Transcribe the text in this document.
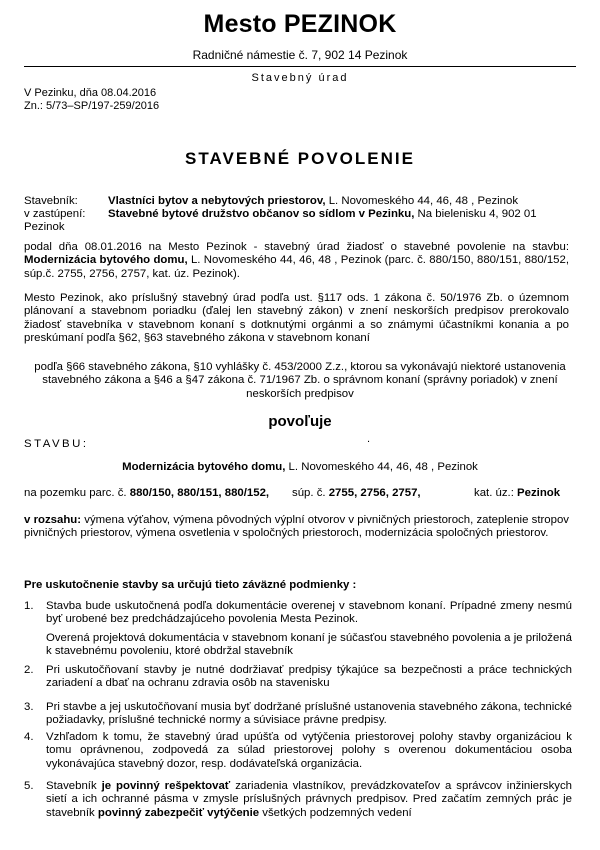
Mesto PEZINOK
Radničné námestie č. 7, 902 14 Pezinok
Stavebný úrad
V Pezinku, dňa 08.04.2016
Zn.: 5/73–SP/197-259/2016
STAVEBNÉ POVOLENIE
Stavebník:	Vlastníci bytov a nebytových priestorov, L. Novomeského 44, 46, 48 , Pezinok
v zastúpení:	Stavebné bytové družstvo občanov so sídlom v Pezinku, Na bielenisku 4, 902 01
Pezinok
podal dňa 08.01.2016 na Mesto Pezinok - stavebný úrad žiadosť o stavebné povolenie na stavbu: Modernizácia bytového domu, L. Novomeského 44, 46, 48 , Pezinok (parc. č. 880/150, 880/151, 880/152, súp.č. 2755, 2756, 2757, kat. úz. Pezinok).
Mesto Pezinok, ako príslušný stavebný úrad podľa ust. §117 ods. 1 zákona č. 50/1976 Zb. o územnom plánovaní a stavebnom poriadku (ďalej len stavebný zákon) v znení neskorších predpisov prerokovalo žiadosť stavebníka v stavebnom konaní s dotknutými orgánmi a so známymi účastníkmi konania a po preskúmaní podľa §62, §63 stavebného zákona v stavebnom konaní
podľa §66 stavebného zákona, §10 vyhlášky č. 453/2000 Z.z., ktorou sa vykonávajú niektoré ustanovenia stavebného zákona a §46 a §47 zákona č. 71/1967 Zb. o správnom konaní (správny poriadok) v znení neskorších predpisov
povoľuje
STAVBU:	.
Modernizácia bytového domu, L. Novomeského 44, 46, 48 , Pezinok
na pozemku parc. č. 880/150, 880/151, 880/152, súp. č. 2755, 2756, 2757,	kat. úz.: Pezinok
v rozsahu: výmena výťahov, výmena pôvodných výplní otvorov v pivničných priestoroch, zateplenie stropov pivničných priestorov, výmena osvetlenia v spoločných priestoroch, modernizácia spoločných priestorov.
Pre uskutočnenie stavby sa určujú tieto záväzné podmienky :
1.	Stavba bude uskutočnená podľa dokumentácie overenej v stavebnom konaní. Prípadné zmeny nesmú byť urobené bez predchádzajúceho povolenia Mesta Pezinok.
Overená projektová dokumentácia v stavebnom konaní je súčasťou stavebného povolenia a je priložená k stavebnému povoleniu, ktoré obdržal stavebník
2.	Pri uskutočňovaní stavby je nutné dodržiavať predpisy týkajúce sa bezpečnosti a práce technických zariadení a dbať na ochranu zdravia osôb na stavenisku
3.	Pri stavbe a jej uskutočňovaní musia byť dodržané príslušné ustanovenia stavebného zákona, technické požiadavky, príslušné technické normy a súvisiace právne predpisy.
4.	Vzhľadom k tomu, že stavebný úrad upúšťa od vytýčenia priestorovej polohy stavby organizáciou k tomu oprávnenou, zodpovedá za súlad priestorovej polohy s overenou dokumentáciou osoba vykonávajúca stavebný dozor, resp. dodávateľská organizácia.
5.	Stavebník je povinný rešpektovať zariadenia vlastníkov, prevádzkovateľov a správcov inžinierskych sietí a ich ochranné pásma v zmysle príslušných právnych predpisov. Pred začatím zemných prác je stavebník povinný zabezpečiť vytýčenie všetkých podzemných vedení
